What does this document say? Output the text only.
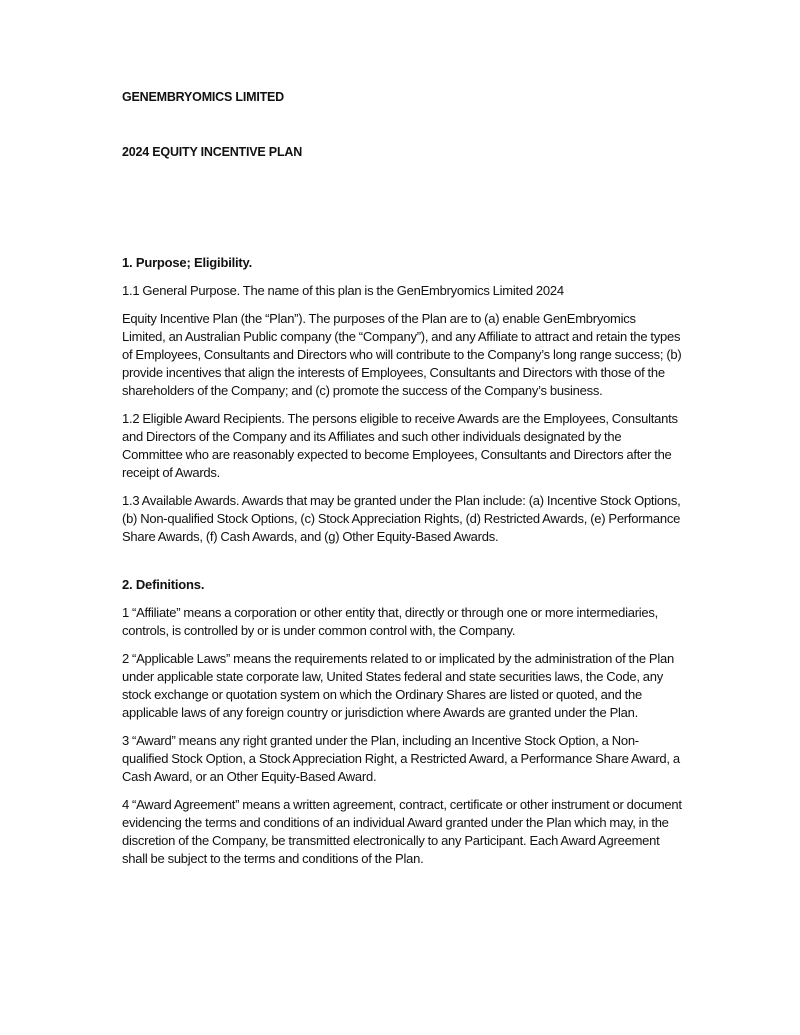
GENEMBRYOMICS LIMITED
2024 EQUITY INCENTIVE PLAN
1. Purpose; Eligibility.

1.1 General Purpose. The name of this plan is the GenEmbryomics Limited 2024

Equity Incentive Plan (the “Plan”). The purposes of the Plan are to (a) enable GenEmbryomics Limited, an Australian Public company (the “Company”), and any Affiliate to attract and retain the types of Employees, Consultants and Directors who will contribute to the Company’s long range success; (b) provide incentives that align the interests of Employees, Consultants and Directors with those of the shareholders of the Company; and (c) promote the success of the Company’s business.

1.2 Eligible Award Recipients. The persons eligible to receive Awards are the Employees, Consultants and Directors of the Company and its Affiliates and such other individuals designated by the Committee who are reasonably expected to become Employees, Consultants and Directors after the receipt of Awards.

1.3 Available Awards. Awards that may be granted under the Plan include: (a) Incentive Stock Options, (b) Non-qualified Stock Options, (c) Stock Appreciation Rights, (d) Restricted Awards, (e) Performance Share Awards, (f) Cash Awards, and (g) Other Equity-Based Awards.

2. Definitions.

1 “Affiliate” means a corporation or other entity that, directly or through one or more intermediaries, controls, is controlled by or is under common control with, the Company.

2 “Applicable Laws” means the requirements related to or implicated by the administration of the Plan under applicable state corporate law, United States federal and state securities laws, the Code, any stock exchange or quotation system on which the Ordinary Shares are listed or quoted, and the applicable laws of any foreign country or jurisdiction where Awards are granted under the Plan.

3 “Award” means any right granted under the Plan, including an Incentive Stock Option, a Non-qualified Stock Option, a Stock Appreciation Right, a Restricted Award, a Performance Share Award, a Cash Award, or an Other Equity-Based Award.

4 “Award Agreement” means a written agreement, contract, certificate or other instrument or document evidencing the terms and conditions of an individual Award granted under the Plan which may, in the discretion of the Company, be transmitted electronically to any Participant. Each Award Agreement shall be subject to the terms and conditions of the Plan.
